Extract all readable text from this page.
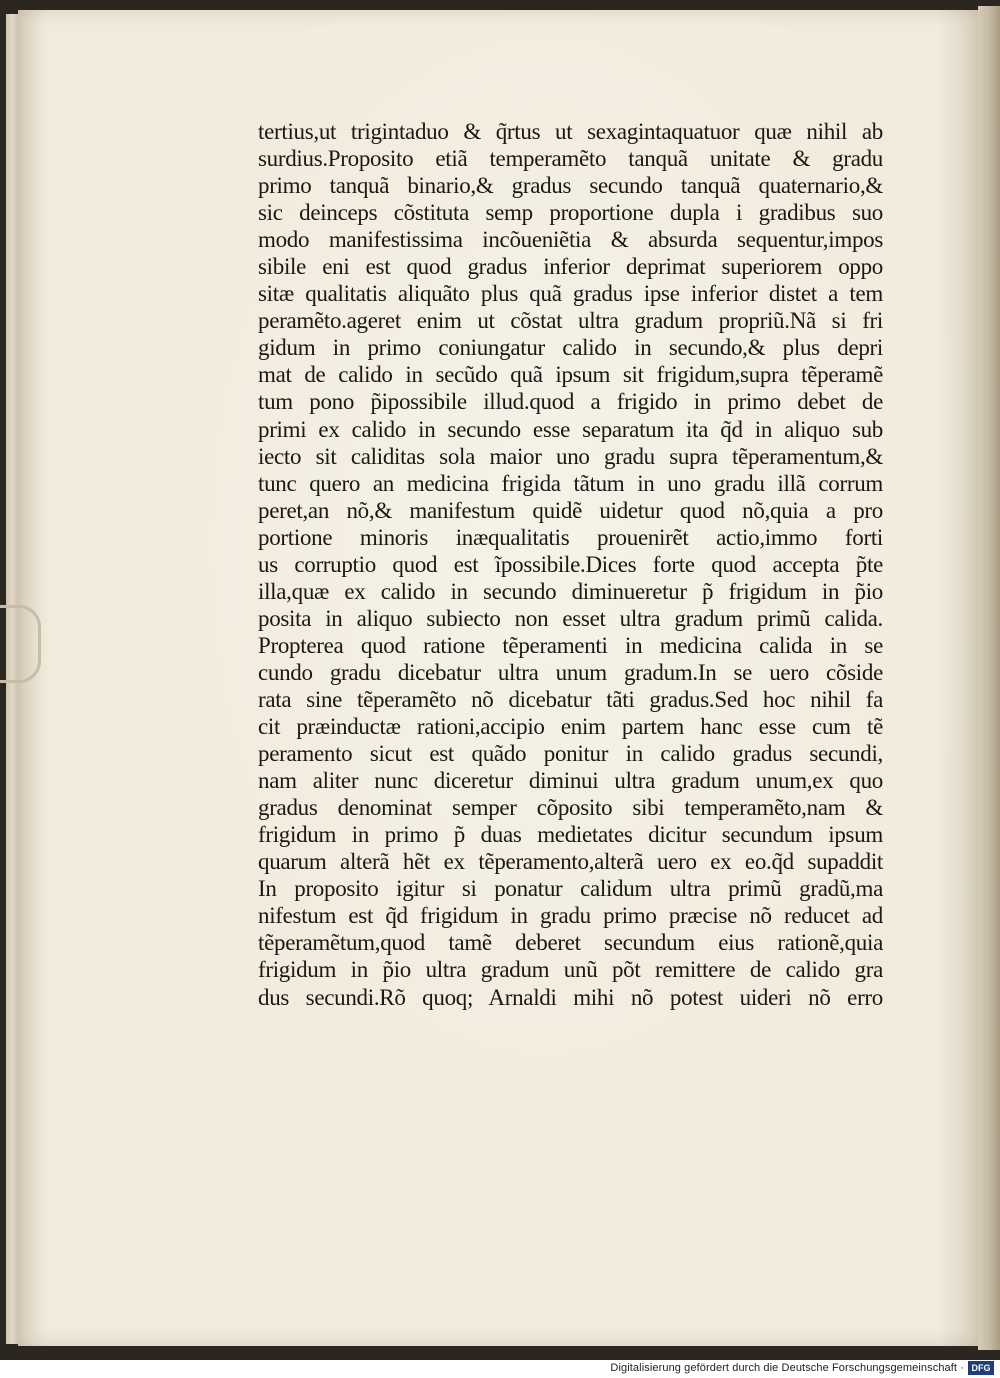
tertius,ut trigintaduo & q̃rtus ut sexagintaquatuor quæ nihil ab
surdius.Proposito etiã temperamẽto tanquã unitate & gradu
primo tanquã binario,& gradus secundo tanquã quaternario,&
sic deinceps cõstituta semp proportione dupla i gradibus suo
modo manifestissima incõueniẽtia & absurda sequentur,impos
sibile eni est quod gradus inferior deprimat superiorem oppo
sitæ qualitatis aliquãto plus quã gradus ipse inferior distet a tem
peramẽto.ageret enim ut cõstat ultra gradum propriũ.Nã si fri
gidum in primo coniungatur calido in secundo,& plus depri
mat de calido in secũdo quã ipsum sit frigidum,supra tẽperamẽ
tum pono p̃ipossibile illud.quod a frigido in primo debet de
primi ex calido in secundo esse separatum ita q̃d in aliquo sub
iecto sit caliditas sola maior uno gradu supra tẽperamentum,&
tunc quero an medicina frigida tãtum in uno gradu illã corrum
peret,an nõ,& manifestum quidẽ uidetur quod nõ,quia a pro
portione minoris inæqualitatis prouenirẽt actio,immo forti
us corruptio quod est ĩpossibile.Dices forte quod accepta p̃te
illa,quæ ex calido in secundo diminueretur p̃ frigidum in p̃io
posita in aliquo subiecto non esset ultra gradum primũ calida.
Propterea quod ratione tẽperamenti in medicina calida in se
cundo gradu dicebatur ultra unum gradum.In se uero cõside
rata sine tẽperamẽto nõ dicebatur tãti gradus.Sed hoc nihil fa
cit præinductæ rationi,accipio enim partem hanc esse cum tẽ
peramento sicut est quãdo ponitur in calido gradus secundi,
nam aliter nunc diceretur diminui ultra gradum unum,ex quo
gradus denominat semper cõposito sibi temperamẽto,nam &
frigidum in primo p̃ duas medietates dicitur secundum ipsum
quarum alterã hẽt ex tẽperamento,alterã uero ex eo.q̃d supaddit
In proposito igitur si ponatur calidum ultra primũ gradũ,ma
nifestum est q̃d frigidum in gradu primo præcise nõ reducet ad
tẽperamẽtum,quod tamẽ deberet secundum eius rationẽ,quia
frigidum in p̃io ultra gradum unũ põt remittere de calido gra
dus secundi.Rõ quoq; Arnaldi mihi nõ potest uideri nõ erro
Digitalisierung gefördert durch die Deutsche Forschungsgemeinschaft · DFG
